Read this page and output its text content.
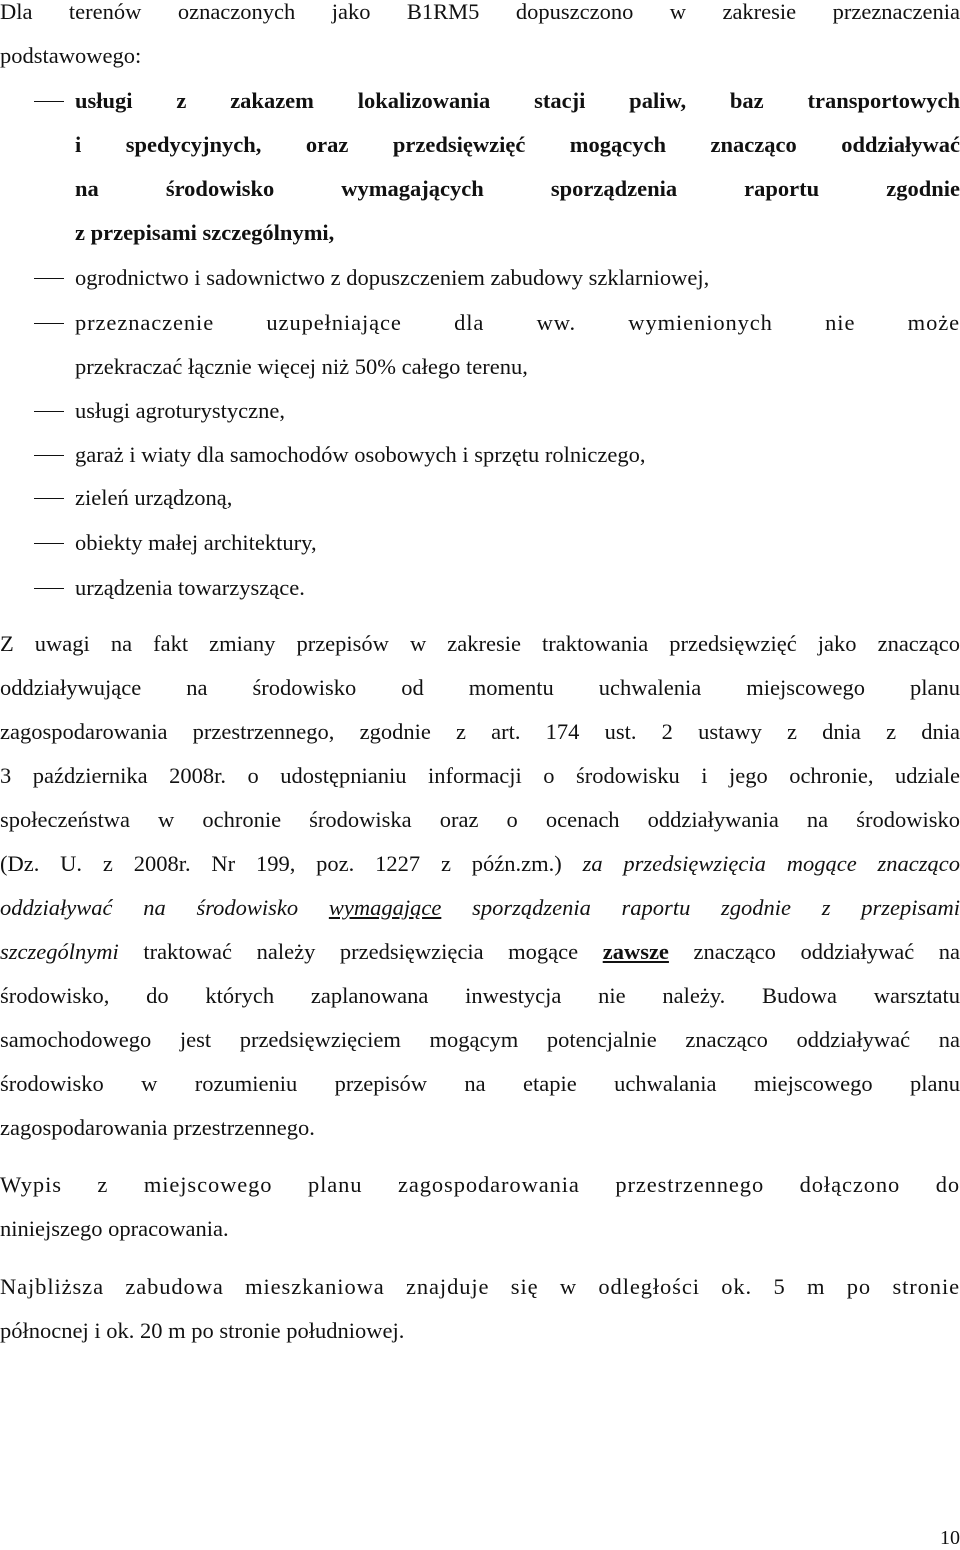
Dla terenów oznaczonych jako B1RM5 dopuszczono w zakresie przeznaczenia
podstawowego:
usługi z zakazem lokalizowania stacji paliw, baz transportowych
i spedycyjnych, oraz przedsięwzięć mogących znacząco oddziaływać
na środowisko wymagających sporządzenia raportu zgodnie
z przepisami szczególnymi,
ogrodnictwo i sadownictwo z dopuszczeniem zabudowy szklarniowej,
przeznaczenie uzupełniające dla ww. wymienionych nie może
przekraczać łącznie więcej niż 50% całego terenu,
usługi agroturystyczne,
garaż i wiaty dla samochodów osobowych i sprzętu rolniczego,
zieleń urządzoną,
obiekty małej architektury,
urządzenia towarzyszące.
Z uwagi na fakt zmiany przepisów w zakresie traktowania przedsięwzięć jako znacząco
oddziaływujące na środowisko od momentu uchwalenia miejscowego planu
zagospodarowania przestrzennego, zgodnie z art. 174 ust. 2 ustawy z dnia z dnia
3 października 2008r. o udostępnianiu informacji o środowisku i jego ochronie, udziale
społeczeństwa w ochronie środowiska oraz o ocenach oddziaływania na środowisko
(Dz. U. z 2008r. Nr 199, poz. 1227 z późn.zm.) za przedsięwzięcia mogące znacząco
oddziaływać na środowisko wymagające sporządzenia raportu zgodnie z przepisami
szczególnymi traktować należy przedsięwzięcia mogące zawsze znacząco oddziaływać na
środowisko, do których zaplanowana inwestycja nie należy. Budowa warsztatu
samochodowego jest przedsięwzięciem mogącym potencjalnie znacząco oddziaływać na
środowisko w rozumieniu przepisów na etapie uchwalania miejscowego planu
zagospodarowania przestrzennego.
Wypis z miejscowego planu zagospodarowania przestrzennego dołączono do
niniejszego opracowania.
Najbliższa zabudowa mieszkaniowa znajduje się w odległości ok. 5 m po stronie
północnej i ok. 20 m po stronie południowej.
10
